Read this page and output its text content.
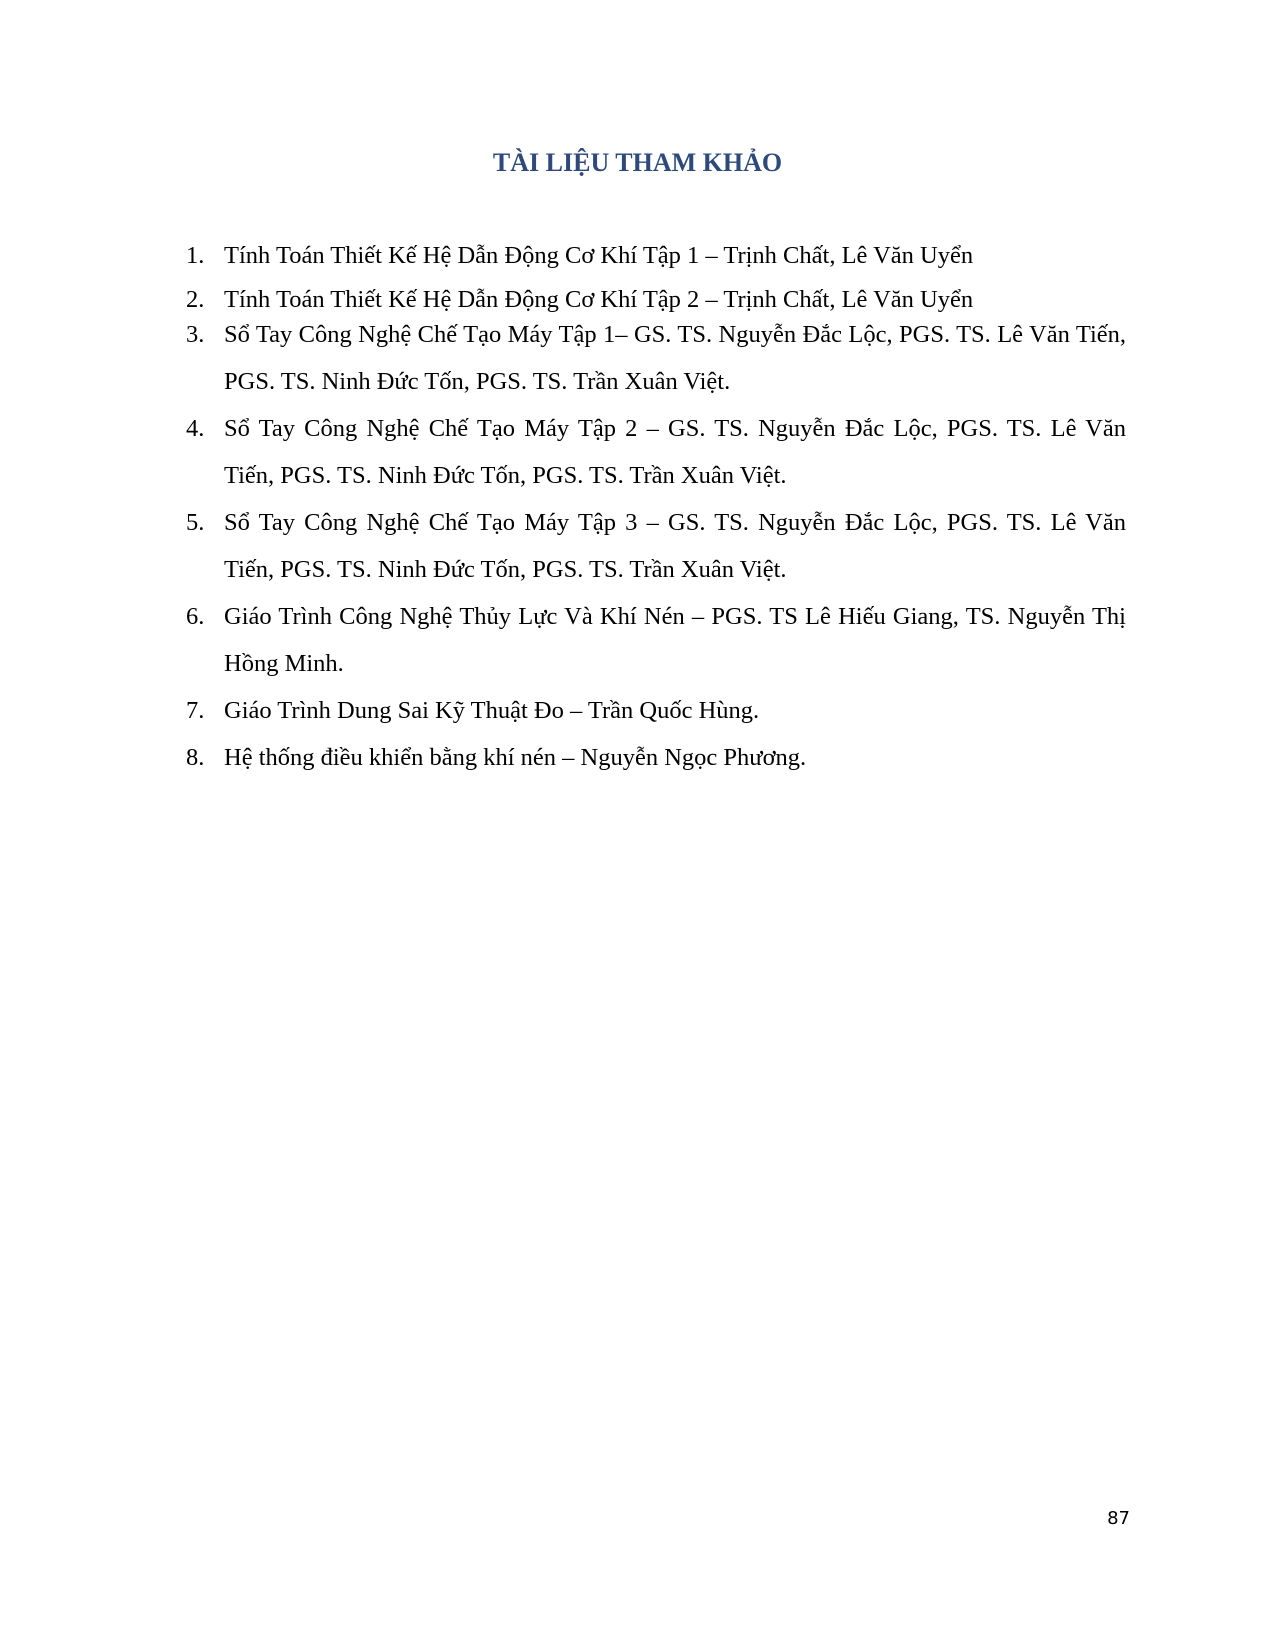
TÀI LIỆU THAM KHẢO
1. Tính Toán Thiết Kế Hệ Dẫn Động Cơ Khí Tập 1 – Trịnh Chất, Lê Văn Uyển
2. Tính Toán Thiết Kế Hệ Dẫn Động Cơ Khí Tập 2 – Trịnh Chất, Lê Văn Uyển
3. Sổ Tay Công Nghệ Chế Tạo Máy Tập 1– GS. TS. Nguyễn Đắc Lộc, PGS. TS. Lê Văn Tiến, PGS. TS. Ninh Đức Tốn, PGS. TS. Trần Xuân Việt.
4. Sổ Tay Công Nghệ Chế Tạo Máy Tập 2 – GS. TS. Nguyễn Đắc Lộc, PGS. TS. Lê Văn Tiến, PGS. TS. Ninh Đức Tốn, PGS. TS. Trần Xuân Việt.
5. Sổ Tay Công Nghệ Chế Tạo Máy Tập 3 – GS. TS. Nguyễn Đắc Lộc, PGS. TS. Lê Văn Tiến, PGS. TS. Ninh Đức Tốn, PGS. TS. Trần Xuân Việt.
6. Giáo Trình Công Nghệ Thủy Lực Và Khí Nén – PGS. TS Lê Hiếu Giang, TS. Nguyễn Thị Hồng Minh.
7. Giáo Trình Dung Sai Kỹ Thuật Đo – Trần Quốc Hùng.
8. Hệ thống điều khiển bằng khí nén – Nguyễn Ngọc Phương.

87
